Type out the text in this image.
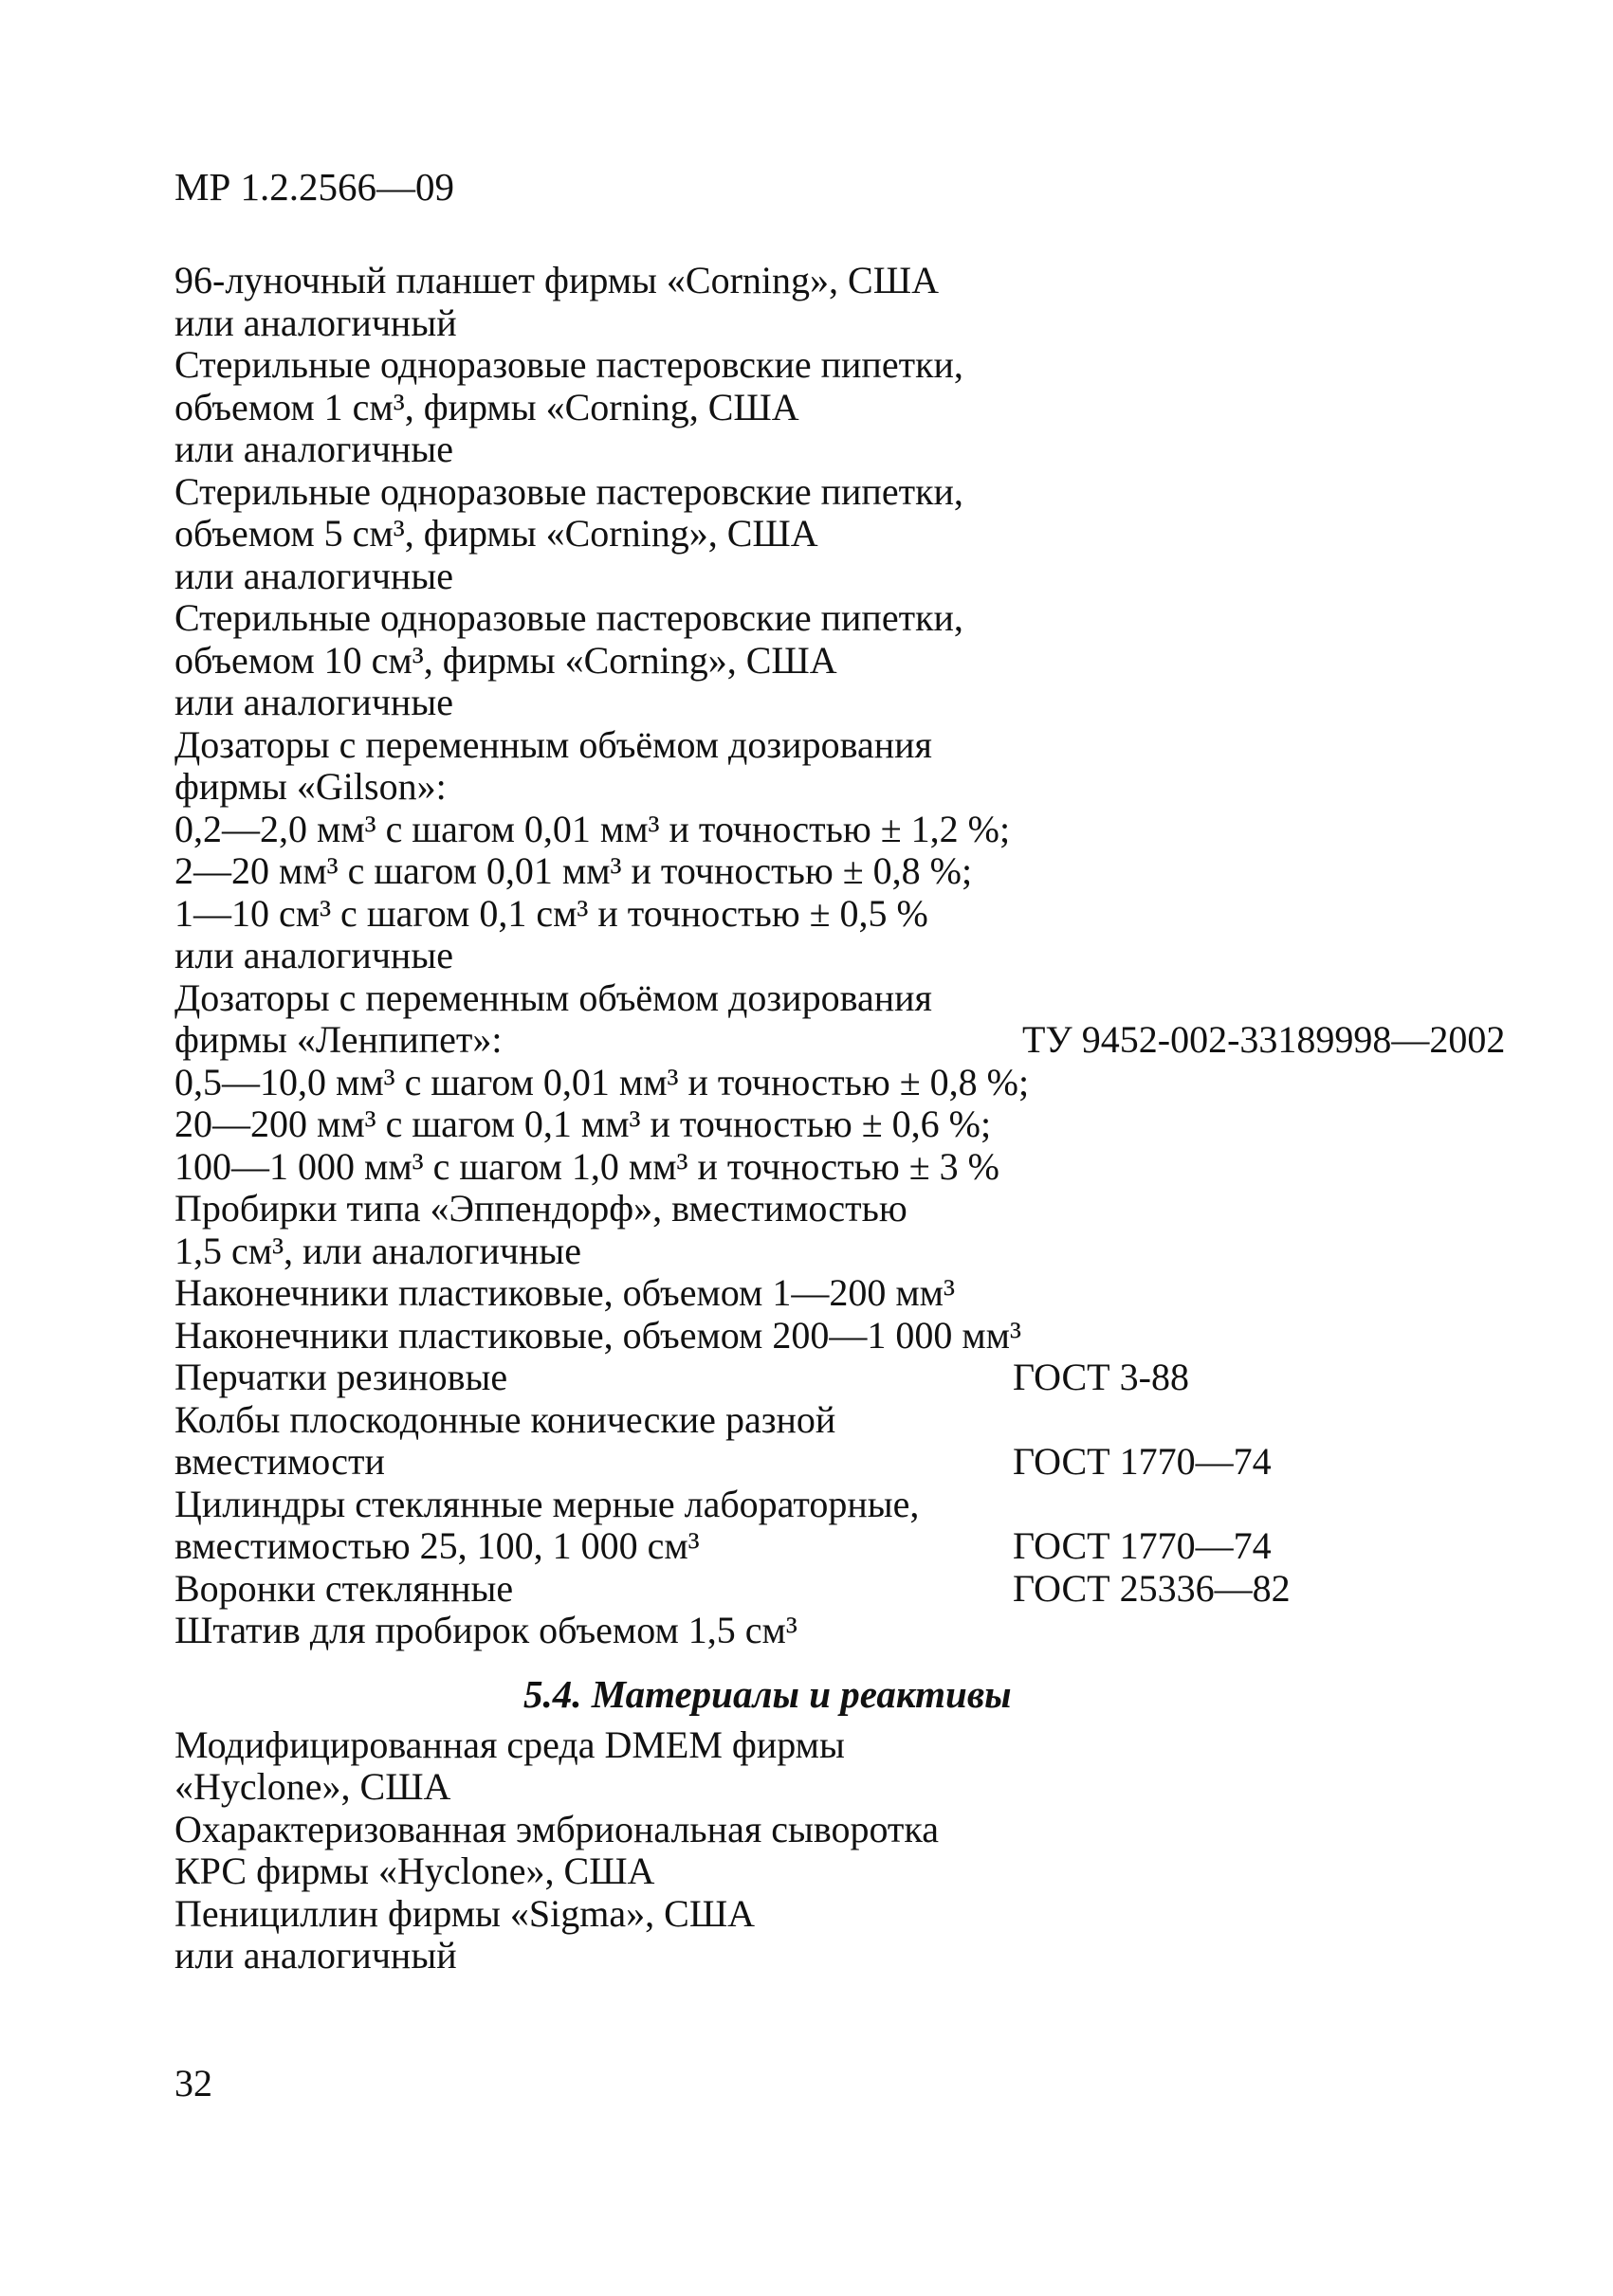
МР 1.2.2566—09
96-луночный планшет фирмы «Corning», США
или аналогичный
Стерильные одноразовые пастеровские пипетки,
объемом 1 см³, фирмы «Corning, США
или аналогичные
Стерильные одноразовые пастеровские пипетки,
объемом 5 см³, фирмы «Corning», США
или аналогичные
Стерильные одноразовые пастеровские пипетки,
объемом 10 см³, фирмы «Corning», США
или аналогичные
Дозаторы с переменным объёмом дозирования
фирмы «Gilson»:
0,2—2,0 мм³ с шагом 0,01 мм³ и точностью ± 1,2 %;
2—20 мм³ с шагом 0,01 мм³ и точностью ± 0,8 %;
1—10 см³ с шагом 0,1 см³ и точностью ± 0,5 %
или аналогичные
Дозаторы с переменным объёмом дозирования
фирмы «Ленпипет»:	ТУ 9452-002-33189998—2002
0,5—10,0 мм³ с шагом 0,01 мм³ и точностью ± 0,8 %;
20—200 мм³ с шагом 0,1 мм³ и точностью ± 0,6 %;
100—1 000 мм³ с шагом 1,0 мм³ и точностью ± 3 %
Пробирки типа «Эппендорф», вместимостью
1,5 см³, или аналогичные
Наконечники пластиковые, объемом 1—200 мм³
Наконечники пластиковые, объемом 200—1 000 мм³
Перчатки резиновые	ГОСТ 3-88
Колбы плоскодонные конические разной
вместимости	ГОСТ 1770—74
Цилиндры стеклянные мерные лабораторные,
вместимостью 25, 100, 1 000 см³	ГОСТ 1770—74
Воронки стеклянные	ГОСТ 25336—82
Штатив для пробирок объемом 1,5 см³
5.4. Материалы и реактивы
Модифицированная среда DMEM фирмы
«Hyclone», США
Охарактеризованная эмбриональная сыворотка
КРС фирмы «Hyclone», США
Пенициллин фирмы «Sigma», США
или аналогичный
32
